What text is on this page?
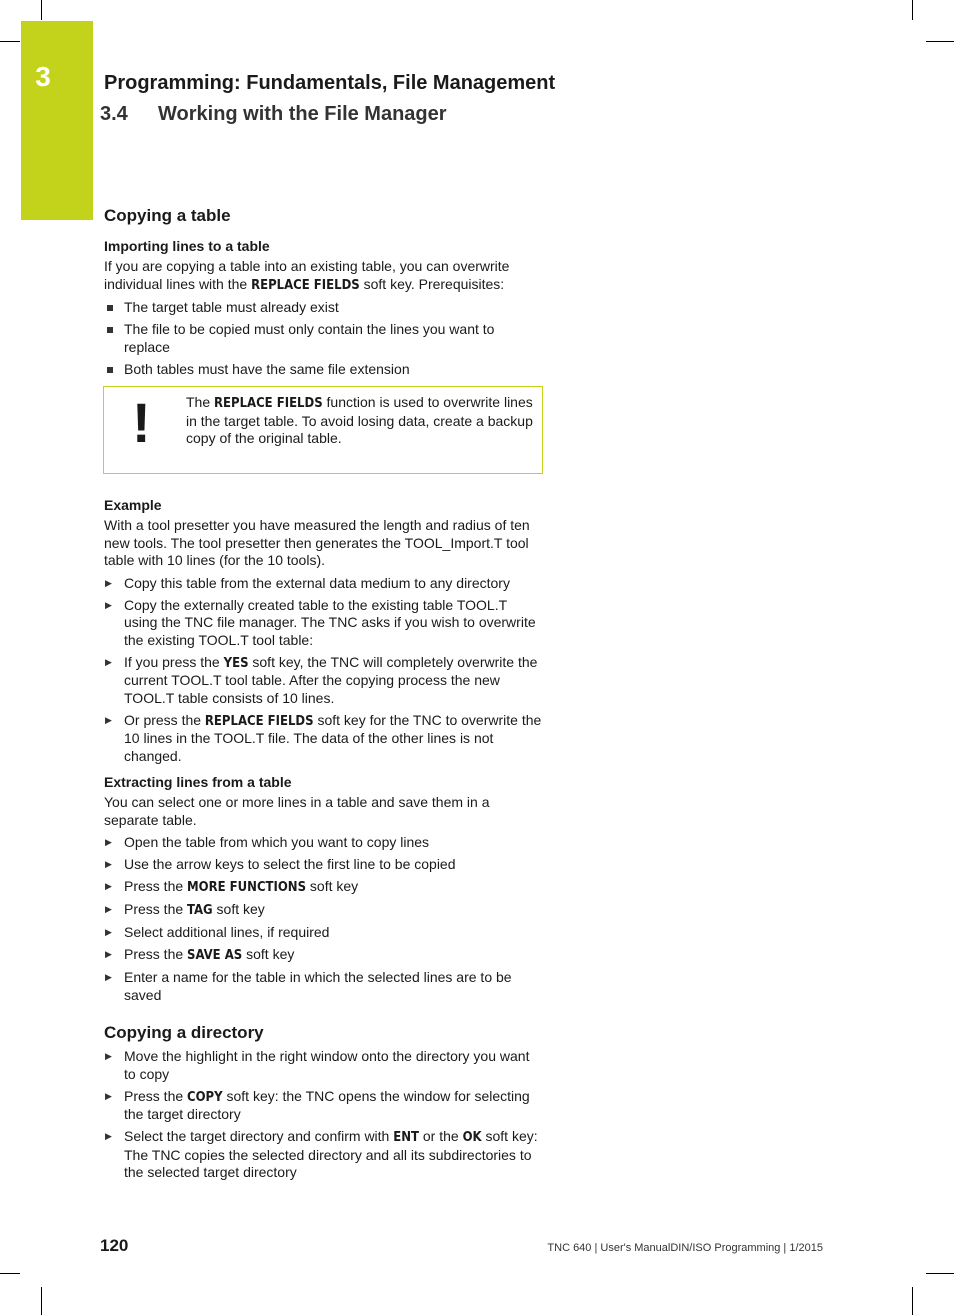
3	Programming: Fundamentals, File Management
3.4 Working with the File Manager
Copying a table
Importing lines to a table

If you are copying a table into an existing table, you can overwrite individual lines with the REPLACE FIELDS soft key. Prerequisites:

The target table must already exist
The file to be copied must only contain the lines you want to replace
Both tables must have the same file extension
!	The REPLACE FIELDS function is used to overwrite lines in the target table. To avoid losing data, create a backup copy of the original table.
Example

With a tool presetter you have measured the length and radius of ten new tools. The tool presetter then generates the TOOL_Import.T tool table with 10 lines (for the 10 tools).

▶ Copy this table from the external data medium to any directory
▶ Copy the externally created table to the existing table TOOL.T using the TNC file manager. The TNC asks if you wish to overwrite the existing TOOL.T tool table:
▶ If you press the YES soft key, the TNC will completely overwrite the current TOOL.T tool table. After the copying process the new TOOL.T table consists of 10 lines.
▶ Or press the REPLACE FIELDS soft key for the TNC to overwrite the 10 lines in the TOOL.T file. The data of the other lines is not changed.
Extracting lines from a table

You can select one or more lines in a table and save them in a separate table.

▶ Open the table from which you want to copy lines
▶ Use the arrow keys to select the first line to be copied
▶ Press the MORE FUNCTIONS soft key
▶ Press the TAG soft key
▶ Select additional lines, if required
▶ Press the SAVE AS soft key
▶ Enter a name for the table in which the selected lines are to be saved
Copying a directory
▶ Move the highlight in the right window onto the directory you want to copy
▶ Press the COPY soft key: the TNC opens the window for selecting the target directory
▶ Select the target directory and confirm with ENT or the OK soft key: The TNC copies the selected directory and all its subdirectories to the selected target directory
120	TNC 640 | User's ManualDIN/ISO Programming | 1/2015
